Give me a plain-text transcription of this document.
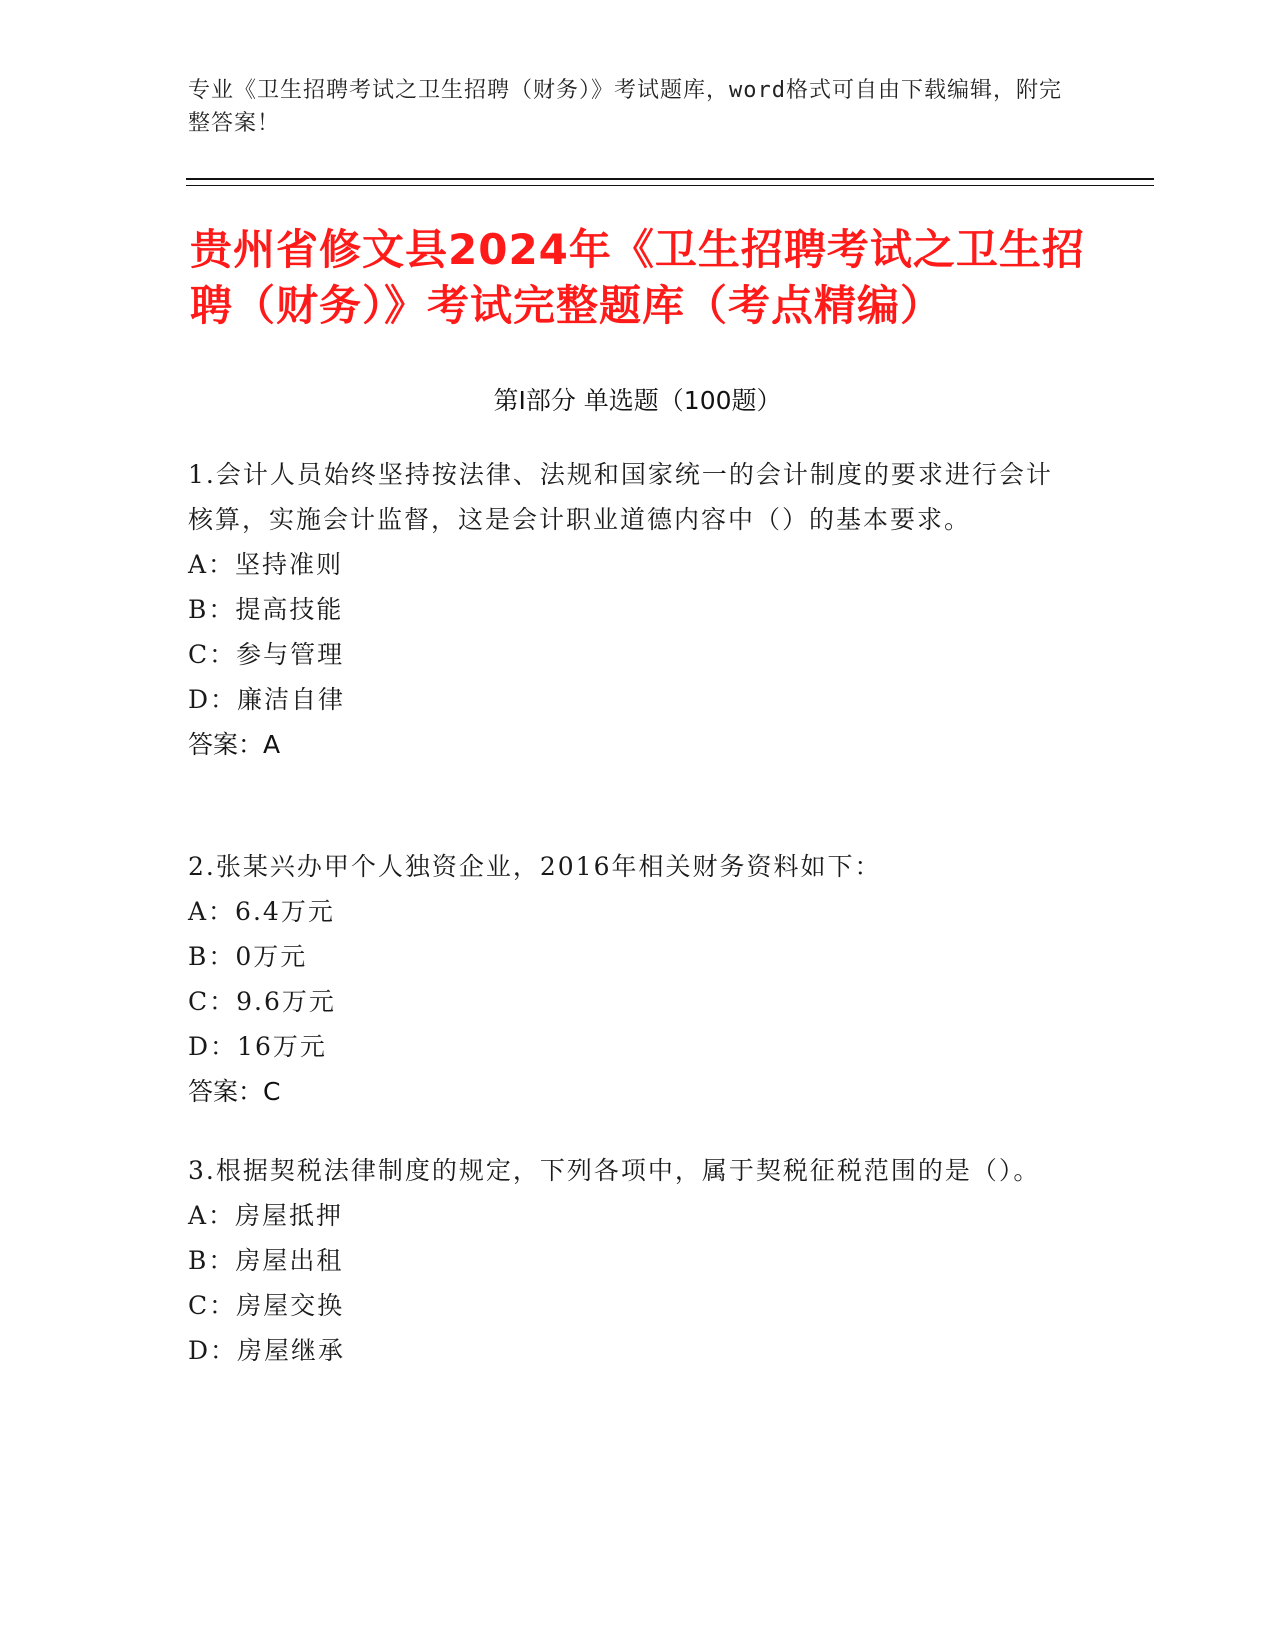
专业《卫生招聘考试之卫生招聘（财务）》考试题库，word格式可自由下载编辑，附完整答案！
贵州省修文县2024年《卫生招聘考试之卫生招聘（财务）》考试完整题库（考点精编）
第I部分 单选题（100题）

1.会计人员始终坚持按法律、法规和国家统一的会计制度的要求进行会计核算，实施会计监督，这是会计职业道德内容中（）的基本要求。

A：坚持准则

B：提高技能

C：参与管理

D：廉洁自律

答案：A

2.张某兴办甲个人独资企业，2016年相关财务资料如下：

A：6.4万元

B：0万元

C：9.6万元

D：16万元

答案：C

3.根据契税法律制度的规定，下列各项中，属于契税征税范围的是（）。

A：房屋抵押

B：房屋出租

C：房屋交换

D：房屋继承
